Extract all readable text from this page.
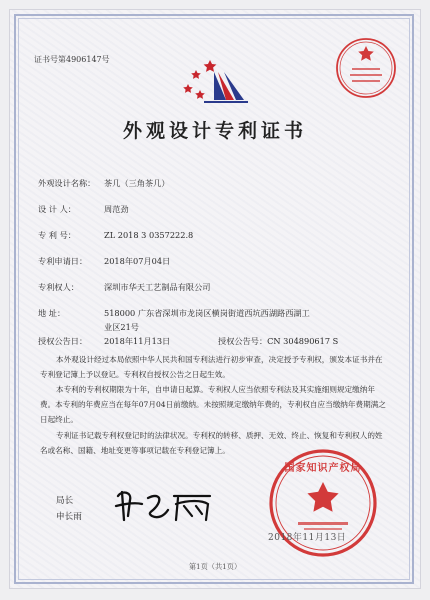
证书号第4906147号
外观设计专利证书
外观设计名称： 茶几（三角茶几）
设 计 人：	周范劲
专 利 号：	ZL 2018 3 0357222.8
专利申请日： 2018年07月04日
专利权人：	深圳市华天工艺制品有限公司
地 址：	518000 广东省深圳市龙岗区横岗街道西坑西湖路西湖工
业区21号
授权公告日： 2018年11月13日	授权公告号：CN 304890617 S
本外观设计经过本局依照中华人民共和国专利法进行初步审查，决定授予专利权，颁发本证书并在专利登记簿上予以登记。专利权自授权公告之日起生效。
本专利的专利权期限为十年，自申请日起算。专利权人应当依照专利法及其实施细则规定缴纳年费。本专利的年费应当在每年07月04日前缴纳。未按照规定缴纳年费的，专利权自应当缴纳年费期满之日起终止。
专利证书记载专利权登记时的法律状况。专利权的转移、质押、无效、终止、恢复和专利权人的姓名或名称、国籍、地址变更等事项记载在专利登记簿上。
局长
申长雨
国家知识产权局
2018年11月13日
第1页（共1页）
